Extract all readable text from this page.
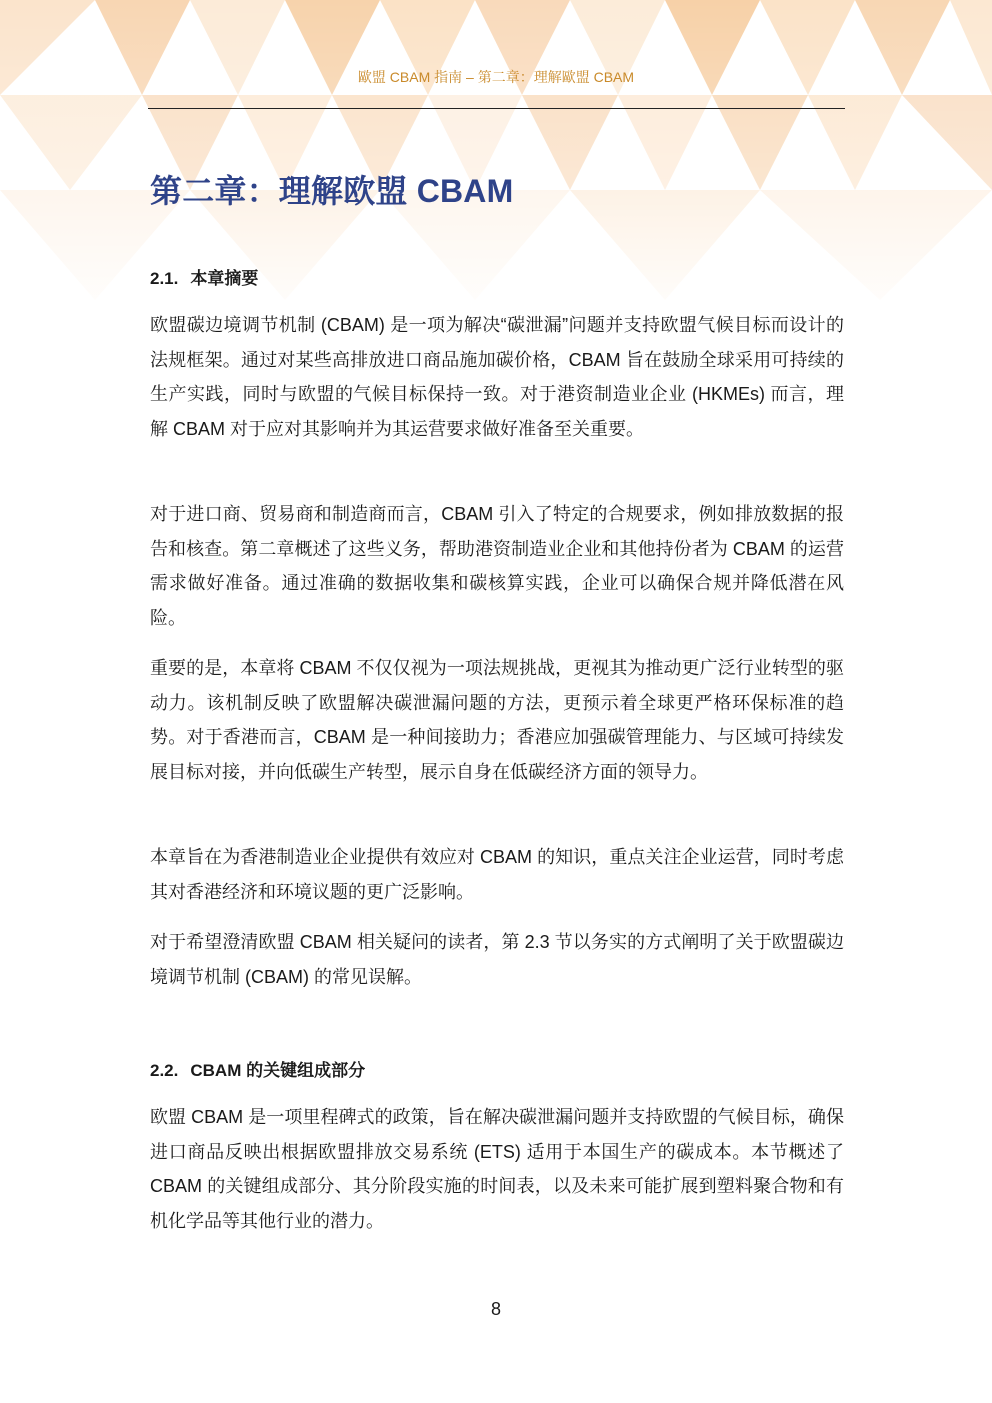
歐盟 CBAM 指南 – 第二章：理解歐盟 CBAM
第二章：理解欧盟 CBAM
2.1. 本章摘要

欧盟碳边境调节机制 (CBAM) 是一项为解决“碳泄漏”问题并支持欧盟气候目标而设计的法规框架。通过对某些高排放进口商品施加碳价格，CBAM 旨在鼓励全球采用可持续的生产实践，同时与欧盟的气候目标保持一致。对于港资制造业企业 (HKMEs) 而言，理解 CBAM 对于应对其影响并为其运营要求做好准备至关重要。

对于进口商、贸易商和制造商而言，CBAM 引入了特定的合规要求，例如排放数据的报告和核查。第二章概述了这些义务，帮助港资制造业企业和其他持份者为 CBAM 的运营需求做好准备。通过准确的数据收集和碳核算实践，企业可以确保合规并降低潜在风险。

重要的是，本章将 CBAM 不仅仅视为一项法规挑战，更视其为推动更广泛行业转型的驱动力。该机制反映了欧盟解决碳泄漏问题的方法，更预示着全球更严格环保标准的趋势。对于香港而言，CBAM 是一种间接助力；香港应加强碳管理能力、与区域可持续发展目标对接，并向低碳生产转型，展示自身在低碳经济方面的领导力。

本章旨在为香港制造业企业提供有效应对 CBAM 的知识，重点关注企业运营，同时考虑其对香港经济和环境议题的更广泛影响。

对于希望澄清欧盟 CBAM 相关疑问的读者，第 2.3 节以务实的方式阐明了关于欧盟碳边境调节机制 (CBAM) 的常见误解。

2.2. CBAM 的关键组成部分

欧盟 CBAM 是一项里程碑式的政策，旨在解决碳泄漏问题并支持欧盟的气候目标，确保进口商品反映出根据欧盟排放交易系统 (ETS) 适用于本国生产的碳成本。本节概述了 CBAM 的关键组成部分、其分阶段实施的时间表，以及未来可能扩展到塑料聚合物和有机化学品等其他行业的潜力。

8
